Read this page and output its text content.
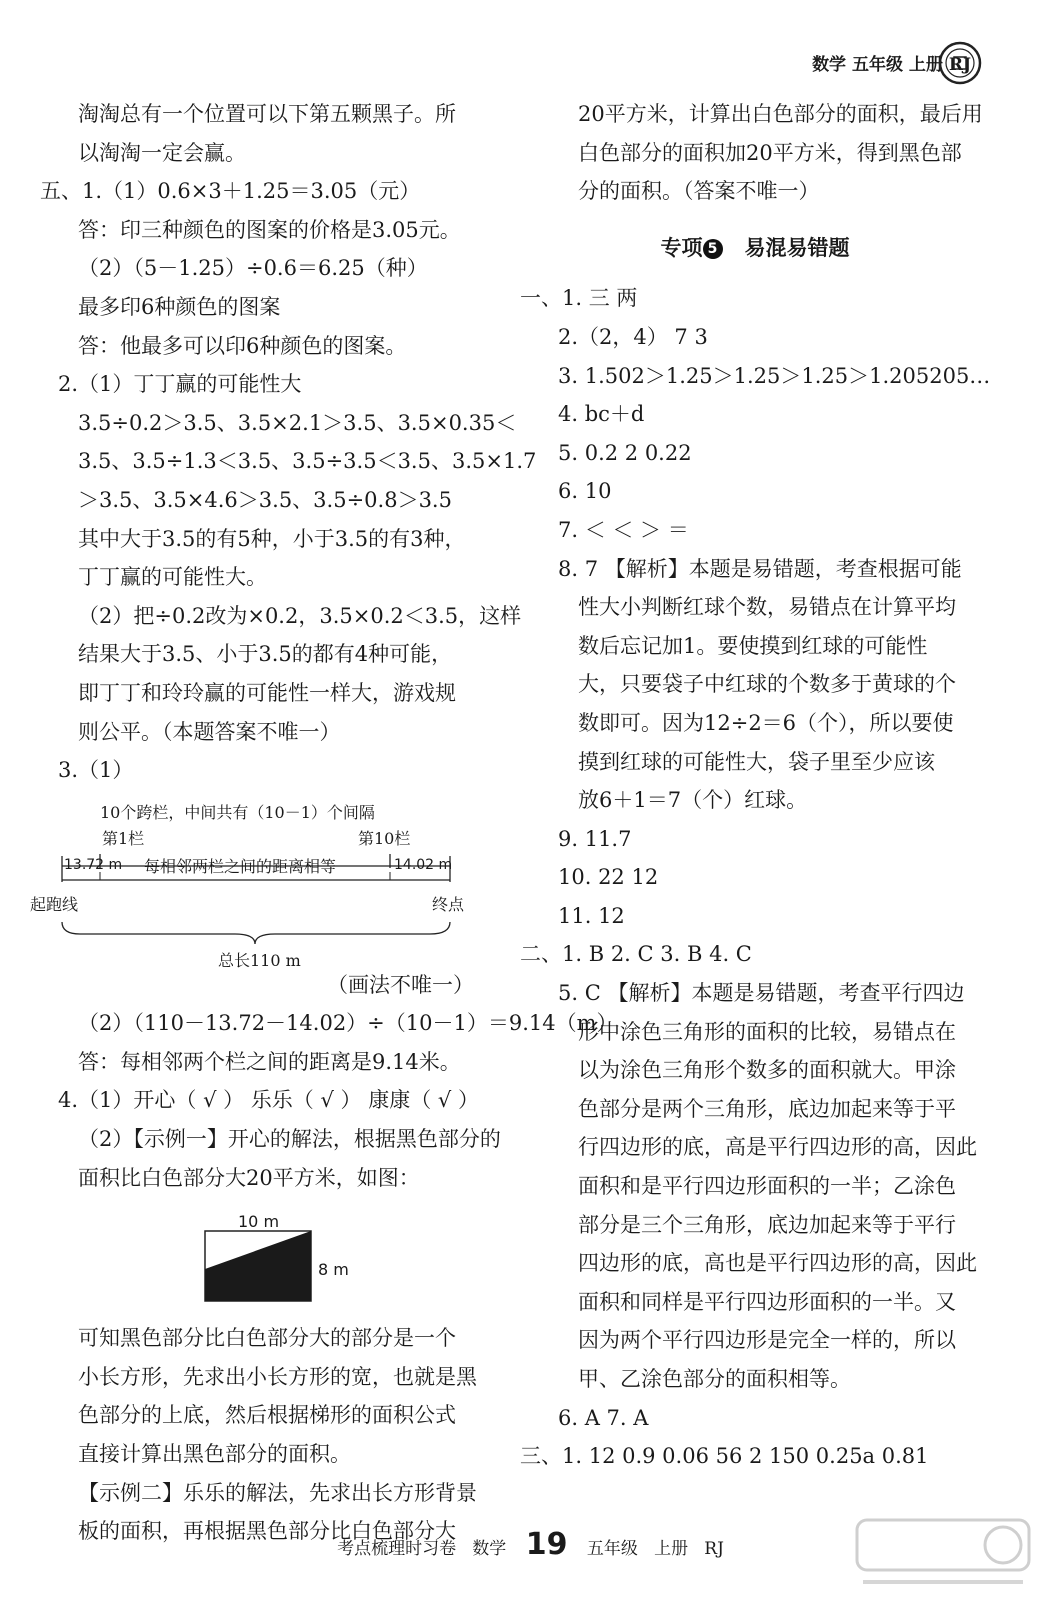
数学 五年级 上册 RJ

淘淘总有一个位置可以下第五颗黑子。所

以淘淘一定会赢。

五、1.（1）0.6×3＋1.25＝3.05（元）

答：印三种颜色的图案的价格是3.05元。

（2）（5－1.25）÷0.6＝6.25（种）

最多印6种颜色的图案

答：他最多可以印6种颜色的图案。

2.（1）丁丁赢的可能性大

3.5÷0.2＞3.5、3.5×2.1＞3.5、3.5×0.35＜

3.5、3.5÷1.3＜3.5、3.5÷3.5＜3.5、3.5×1.7

＞3.5、3.5×4.6＞3.5、3.5÷0.8＞3.5

其中大于3.5的有5种，小于3.5的有3种，

丁丁赢的可能性大。

（2）把÷0.2改为×0.2，3.5×0.2＜3.5，这样

结果大于3.5、小于3.5的都有4种可能，

即丁丁和玲玲赢的可能性一样大，游戏规

则公平。（本题答案不唯一）

3.（1）

10个跨栏，中间共有（10－1）个间隔
第1栏	第10栏
13.72 m 每相邻两栏之间的距离相等	14.02 m
起跑线	终点
总长110 m

（画法不唯一）

（2）（110－13.72－14.02）÷（10－1）＝9.14（m）

答：每相邻两个栏之间的距离是9.14米。

4.（1）开心（ √ ） 乐乐（ √ ） 康康（ √ ）

（2）【示例一】开心的解法，根据黑色部分的

面积比白色部分大20平方米，如图：

10 m
8 m

可知黑色部分比白色部分大的部分是一个

小长方形，先求出小长方形的宽，也就是黑

色部分的上底，然后根据梯形的面积公式

直接计算出黑色部分的面积。

【示例二】乐乐的解法，先求出长方形背景

板的面积，再根据黑色部分比白色部分大

20平方米，计算出白色部分的面积，最后用

白色部分的面积加20平方米，得到黑色部

分的面积。（答案不唯一）

专项 5 易混易错题

一、1. 三 两

2.（2，4） 7 3

3. 1.502＞1.25＞1.25＞1.25＞1.205205…

4. bc＋d

5. 0.2 2 0.22

6. 10

7. ＜ ＜ ＞ ＝

8. 7 【解析】本题是易错题，考查根据可能

性大小判断红球个数，易错点在计算平均

数后忘记加1。要使摸到红球的可能性

大，只要袋子中红球的个数多于黄球的个

数即可。因为12÷2＝6（个），所以要使

摸到红球的可能性大，袋子里至少应该

放6＋1＝7（个）红球。

9. 11.7

10. 22 12

11. 12

二、1. B 2. C 3. B 4. C

5. C 【解析】本题是易错题，考查平行四边

形中涂色三角形的面积的比较，易错点在

以为涂色三角形个数多的面积就大。甲涂

色部分是两个三角形，底边加起来等于平

行四边形的底，高是平行四边形的高，因此

面积和是平行四边形面积的一半；乙涂色

部分是三个三角形，底边加起来等于平行

四边形的底，高也是平行四边形的高，因此

面积和同样是平行四边形面积的一半。又

因为两个平行四边形是完全一样的，所以

甲、乙涂色部分的面积相等。

6. A 7. A

三、1. 12 0.9 0.06 56 2 150 0.25a 0.81

考点梳理时习卷 数学 19 五年级 上册 RJ
